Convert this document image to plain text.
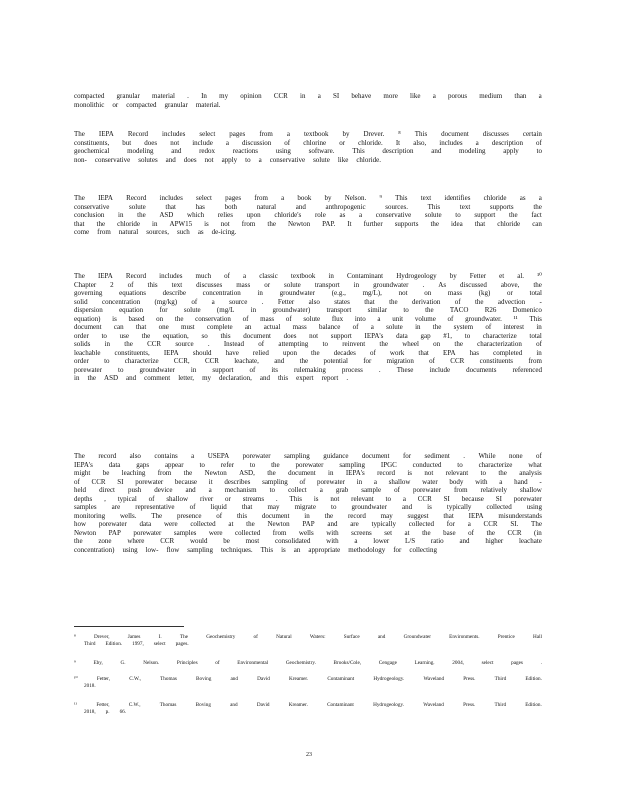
compacted granular material . In my opinion CCR in a SI behave more like a porous medium than a
monolithic or compacted granular material.
The IEPA Record includes select pages from a textbook by Drever. ⁸ This document discusses certain
constituents, but does not include a discussion of chlorine or chloride. It also, includes a description of
geochemical	modeling	and	redox	reactions	using	software.	This	description	and	modeling	apply	to
non- conservative solutes and does not apply to a conservative solute like chloride.
The IEPA Record includes select pages from a book by Nelson. ⁹ This text identifies chloride as a
conservative	solute	that	has	both	natural	and	anthropogenic	sources.	This	text	supports	the
conclusion in the ASD which relies upon chloride's role as a conservative solute to support the fact
that the chloride in APW15 is not from the Newton PAP. It further supports the idea that chloride can
come from natural sources, such as de-icing.
The IEPA Record includes much of a classic textbook in Contaminant Hydrogeology by Fetter et al. ¹⁰
Chapter 2 of this text discusses mass or solute transport in groundwater . As discussed above, the
governing equations describe concentration in groundwater (e.g., mg/L), not on mass (kg) or total
solid concentration (mg/kg) of a source . Fetter also states that the derivation of the advection -
dispersion equation for solute (mg/L in groundwater) transport similar to the TACO R26 Domenico
equation) is based on the conservation of mass of solute flux into a unit volume of groundwater. ¹¹ This
document can that one must complete an actual mass balance of a solute in the system of interest in
order to use the equation, so this document does not support IEPA's data gap #1, to characterize total
solids in the CCR source . Instead of attempting to reinvent the wheel on the characterization of
leachable constituents, IEPA should have relied upon the decades of work that EPA has completed in
order to characterize CCR, CCR leachate, and the potential for migration of CCR constituents from
porewater to groundwater in support of its rulemaking process . These include documents referenced
in the ASD and comment letter, my declaration, and this expert report .
The record also contains a USEPA porewater sampling guidance document for sediment . While none of
IEPA's data gaps appear to refer to the porewater sampling IPGC conducted to characterize what
might be leaching from the Newton ASD, the document in IEPA's record is not relevant to the analysis
of CCR SI porewater because it describes sampling of porewater in a shallow water body with a hand -
held direct push device and a mechanism to collect a grab sample of porewater from relatively shallow
depths , typical of shallow river or streams . This is not relevant to a CCR SI because SI porewater
samples are representative of liquid that may migrate to groundwater and is typically collected using
monitoring wells. The presence of this document in the record may suggest that IEPA misunderstands
how porewater data were collected at the Newton PAP and are typically collected for a CCR SI. The
Newton PAP porewater samples were collected from wells with screens set at the base of the CCR (in
the zone where CCR would be most consolidated with a lower L/S ratio and higher leachate
concentration) using low- flow sampling techniques. This is an appropriate methodology for collecting
⁸	Drever,	James	I.	The	Geochemistry	of	Natural	Waters:	Surface	and	Groundwater	Environments.	Prentice	Hall
Third Edition. 1997, select pages.
⁹	Eby,	G.	Nelson.	Principles	of	Environmental	Geochemistry.	Brooks/Cole,	Cengage	Learning.	2004,	select	pages	.
¹⁰	Fetter,	C.W.,	Thomas	Boving	and	David	Kreamer.	Contaminant	Hydrogeology.	Waveland	Press.	Third	Edition.
2018.
¹¹	Fetter,	C.W.,	Thomas	Boving	and	David	Kreamer.	Contaminant	Hydrogeology.	Waveland	Press.	Third	Edition.
2018, p. 66.
23
